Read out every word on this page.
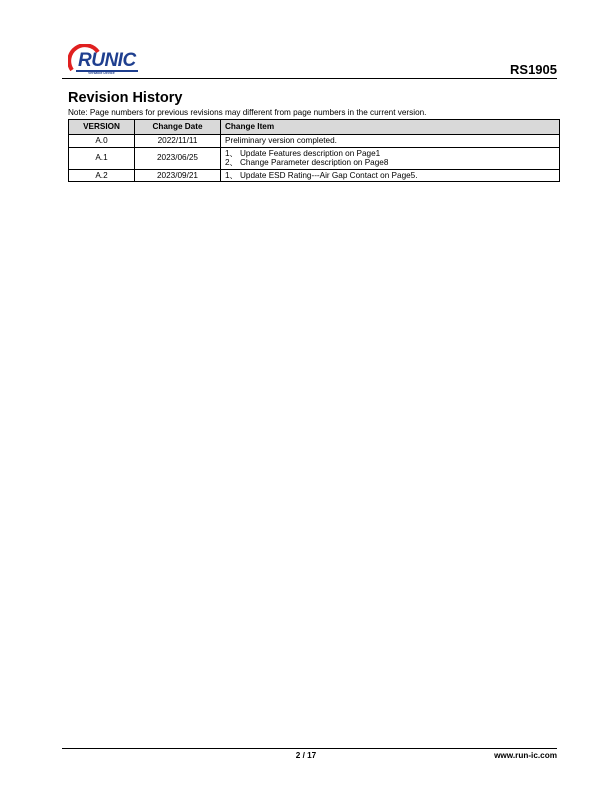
RUNIC
Versatile Device	RS1905
Revision History
Note: Page numbers for previous revisions may different from page numbers in the current version.
VERSION	Change Date	Change Item
A.0	2022/11/11	Preliminary version completed.

A.1	2023/06/25	1、 Update Features description on Page1
2、 Change Parameter description on Page8

A.2	2023/09/21	1、 Update ESD Rating---Air Gap Contact on Page5.
2 / 17	www.run-ic.com
